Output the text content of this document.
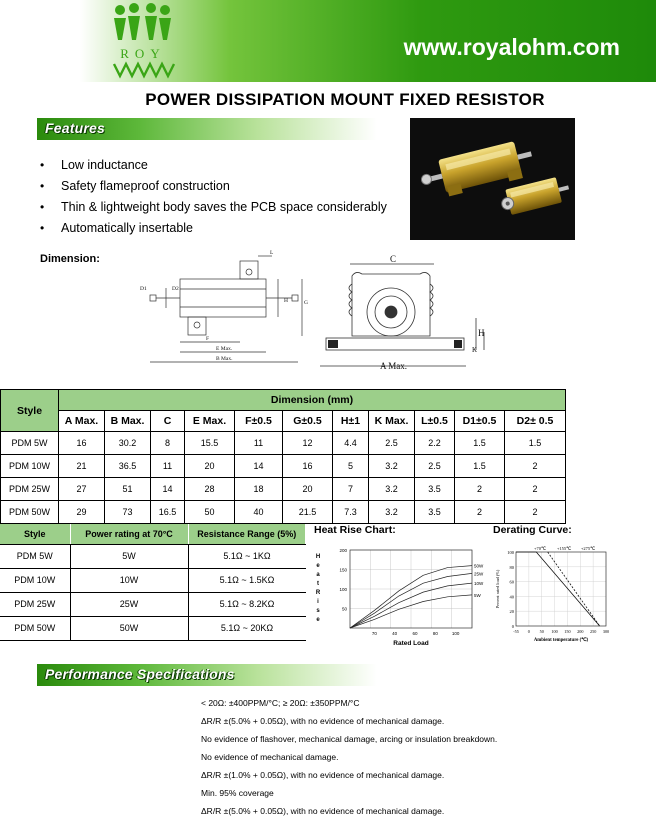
ROY	www.royalohm.com
POWER DISSIPATION MOUNT FIXED RESISTOR
Features
• Low inductance
• Safety flameproof construction
• Thin & lightweight body saves the PCB space considerably
• Automatically insertable
Dimension:	L
D2
D1
H	G
F
E Max.
B Max.
C
H
K
A Max.
Style	Dimension (mm)										
	A Max.	B Max.	C	E Max.	F±0.5	G±0.5	H±1	K Max.	L±0.5	D1±0.5	D2± 0.5
PDM 5W	16	30.2	8	15.5	11	12	4.4	2.5	2.2	1.5	1.5
PDM 10W	21	36.5	11	20	14	16	5	3.2	2.5	1.5	2
PDM 25W	27	51	14	28	18	20	7	3.2	3.5	2	2
PDM 50W	29	73	16.5	50	40	21.5	7.3	3.2	3.5	2	2
Style	Power rating at 70°C	Resistance Range (5%)
PDM 5W	5W	5.1Ω ~ 1KΩ
PDM 10W	10W	5.1Ω ~ 1.5KΩ
PDM 25W	25W	5.1Ω ~ 8.2KΩ
PDM 50W	50W	5.1Ω ~ 20KΩ
Heat Rise Chart:
50
100
150
200
70	40	60	80	100
H
e
a
t
R
i
s
e
Rated Load
50W
25W
10W
5W
Derating Curve:
0
20
40
60
80
100
-55 0 50 100 150 200 250 300
+70℃ +155℃ +275℃
Percent rated load (%)
Ambient temperature (℃)
Performance Specifications
< 20Ω: ±400PPM/°C; ≥ 20Ω: ±350PPM/°C
ΔR/R ±(5.0% + 0.05Ω), with no evidence of mechanical damage.
No evidence of flashover, mechanical damage, arcing or insulation breakdown.
No evidence of mechanical damage.
ΔR/R ±(1.0% + 0.05Ω), with no evidence of mechanical damage.
Min. 95% coverage
ΔR/R ±(5.0% + 0.05Ω), with no evidence of mechanical damage.
